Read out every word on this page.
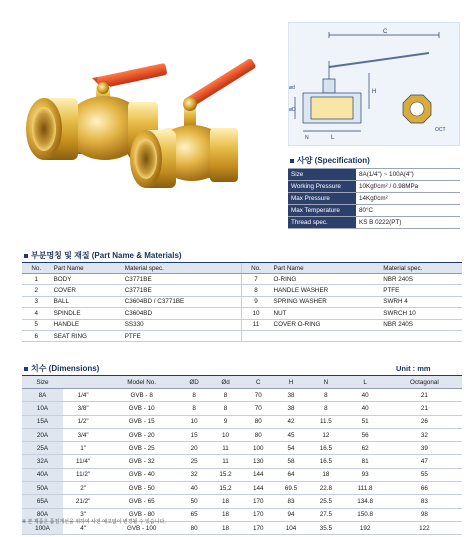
C
H
ød
øD
L
N
OCT
사양 (Specification)
Size	8A(1/4") ~ 100A(4")
Working Pressure	10Kgf/cm² / 0.98MPa
Max Pressure	14Kgf/cm²
Max Temperature	80°C
Thread spec.	KS B 0222(PT)
부분명칭 및 재질 (Part Name & Materials)
No.	Part Name	Material spec.	No.	Part Name	Material spec.
1	BODY	C3771BE	7	O-RING	NBR 240S
2	COVER	C3771BE	8	HANDLE WASHER	PTFE
3	BALL	C3604BD / C3771BE	9	SPRING WASHER	SWRH 4
4	SPINDLE	C3604BD	10	NUT	SWRCH 10
5	HANDLE	SS330	11	COVER O-RING	NBR 240S
6	SEAT RING	PTFE			
치수 (Dimensions)	Unit : mm
Size		Model No.	ØD	Ød	C	H	N	L	Octagonal
8A	1/4"	GVB - 8	8	8	70	38	8	40	21
10A	3/8"	GVB - 10	8	8	70	38	8	40	21
15A	1/2"	GVB - 15	10	9	80	42	11.5	51	26
20A	3/4"	GVB - 20	15	10	80	45	12	56	32
25A	1"	GVB - 25	20	11	100	54	16.5	62	39
32A	11/4"	GVB - 32	25	11	130	58	16.5	81	47
40A	11/2"	GVB - 40	32	15.2	144	64	18	93	55
50A	2"	GVB - 50	40	15.2	144	69.5	22.8	111.8	66
65A	21/2"	GVB - 65	50	18	170	83	25.5	134.8	83
80A	3"	GVB - 80	65	18	170	94	27.5	150.8	98
100A	4"	GVB - 100	80	18	170	104	35.5	192	122
※ 본 제품은 품질개선을 위하여 사전 예고없이 변경될 수 있습니다.
